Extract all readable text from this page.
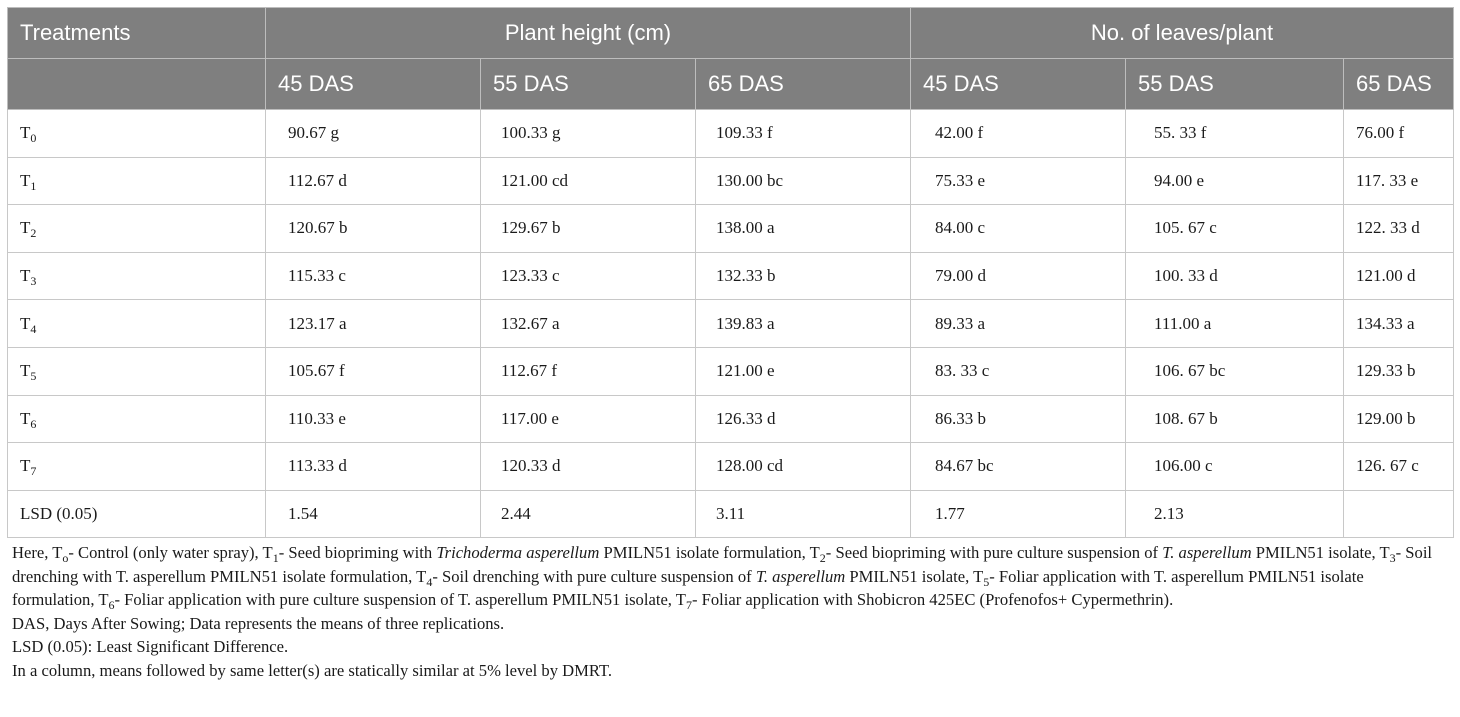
Treatments	Plant height (cm)			No. of leaves/plant		
	45 DAS	55 DAS	65 DAS	45 DAS	55 DAS	65 DAS
$T_0$	90.67 g	100.33 g	109.33 f	42.00 f	55. 33 f	76.00 f
$T_1$	112.67 d	121.00 cd	130.00 bc	75.33 e	94.00 e	117. 33 e
$T_2$	120.67 b	129.67 b	138.00 a	84.00 c	105. 67 c	122. 33 d
$T_3$	115.33 c	123.33 c	132.33 b	79.00 d	100. 33 d	121.00 d
$T_4$	123.17 a	132.67 a	139.83 a	89.33 a	111.00 a	134.33 a
$T_5$	105.67 f	112.67 f	121.00 e	83. 33 c	106. 67 bc	129.33 b
$T_6$	110.33 e	117.00 e	126.33 d	86.33 b	108. 67 b	129.00 b
$T_7$	113.33 d	120.33 d	128.00 cd	84.67 bc	106.00 c	126. 67 c
LSD (0.05)	1.54	2.44	3.11	1.77	2.13	

Here, $T_o-$ Control (only water spray), $T_1-$ Seed biopriming with Trichoderma asperellum PMILN51 isolate formulation, $T_2-$ Seed biopriming with pure culture suspension of T. asperellum PMILN51 isolate, $T_3-$ Soil drenching with T. asperellum PMILN51 isolate formulation, $T_4-$ Soil drenching with pure culture suspension of T. asperellum PMILN51 isolate, $T_5-$ Foliar application with T. asperellum PMILN51 isolate formulation, $T_6-$ Foliar application with pure culture suspension of T. asperellum PMILN51 isolate, $T_7-$ Foliar application with Shobicron 425EC (Profenofos+ Cypermethrin).

DAS, Days After Sowing; Data represents the means of three replications.

LSD (0.05): Least Significant Difference.

In a column, means followed by same letter(s) are statically similar at 5% level by DMRT.
